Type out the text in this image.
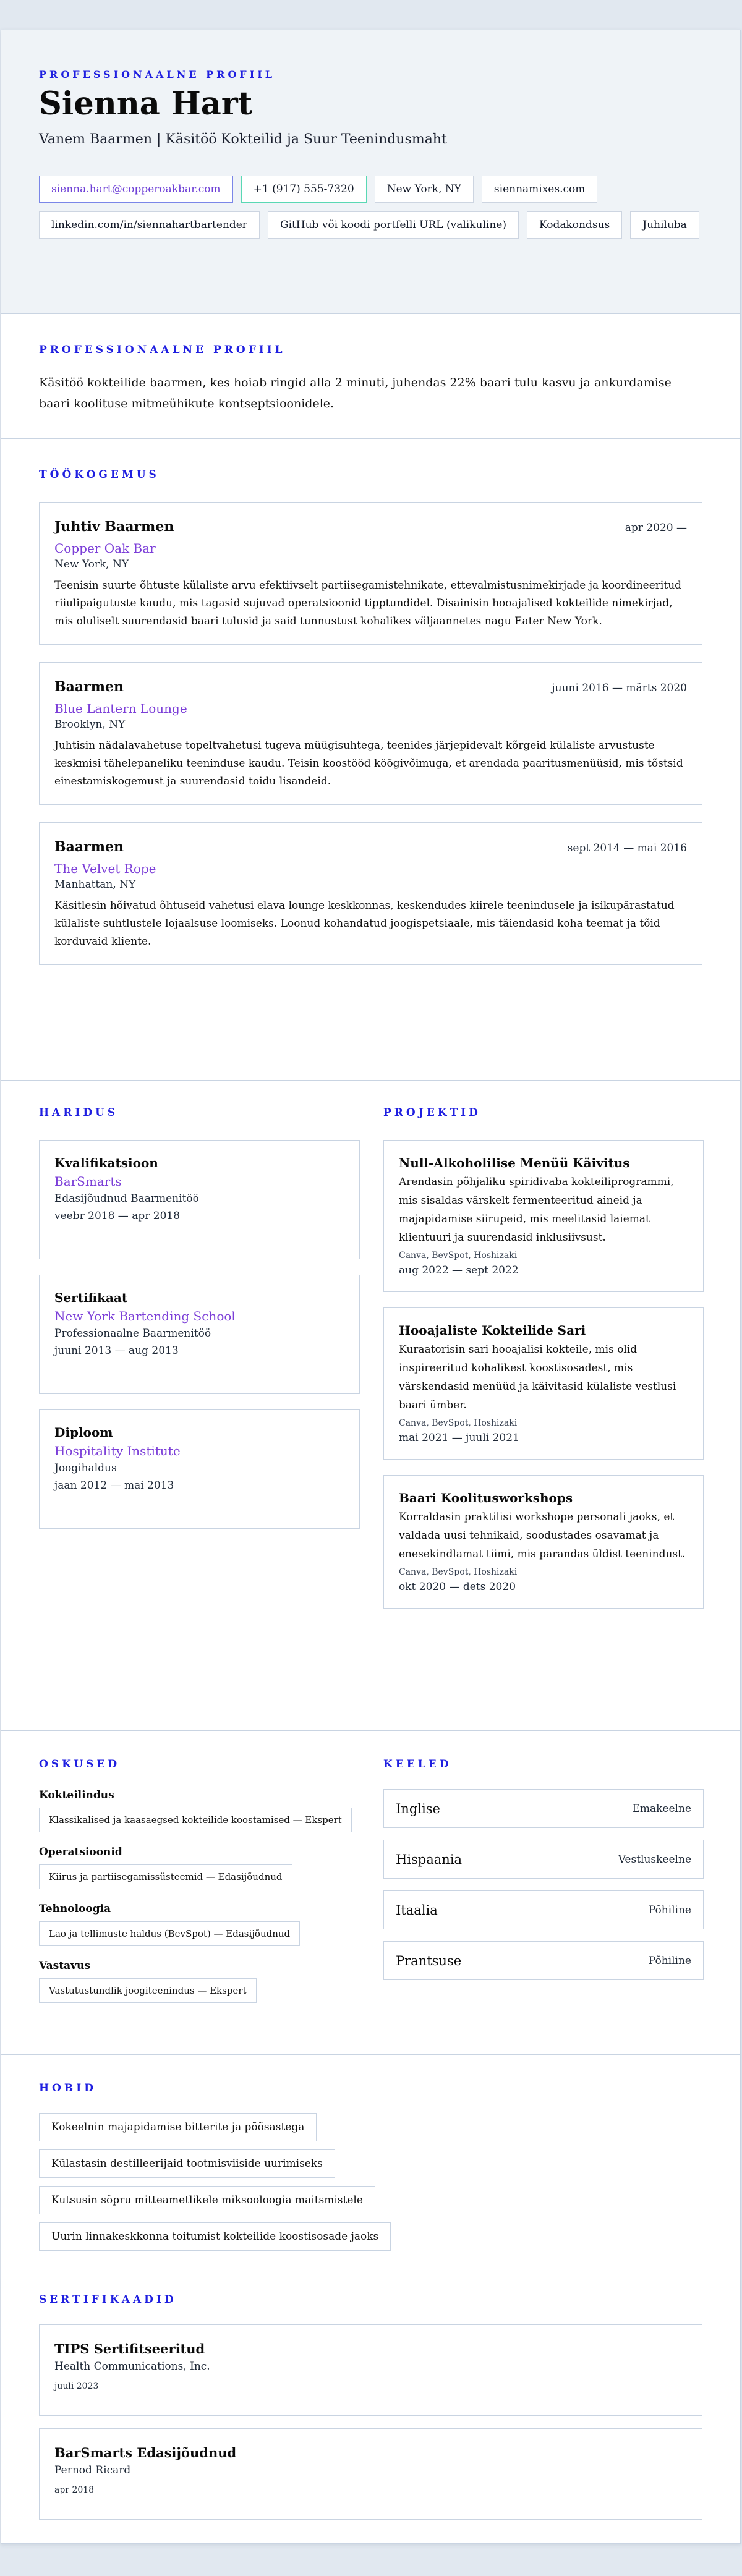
PROFESSIONAALNE PROFIIL
Sienna Hart
Vanem Baarmen | Käsitöö Kokteilid ja Suur Teenindusmaht
sienna.hart@copperoakbar.com	+1 (917) 555-7320	New York, NY	siennamixes.com
linkedin.com/in/siennahartbartender	GitHub või koodi portfelli URL (valikuline)	Kodakondsus	Juhiluba
PROFESSIONAALNE PROFIIL

Käsitöö kokteilide baarmen, kes hoiab ringid alla 2 minuti, juhendas 22% baari tulu kasvu ja ankurdamise baari koolituse mitmeühikute kontseptsioonidele.

TÖÖKOGEMUS
Juhtiv Baarmen	apr 2020 —
Copper Oak Bar
New York, NY

Teenisin suurte õhtuste külaliste arvu efektiivselt partiisegamistehnikate, ettevalmistusnimekirjade ja koordineeritud riiulipaigutuste kaudu, mis tagasid sujuvad operatsioonid tipptundidel. Disainisin hooajalised kokteilide nimekirjad, mis oluliselt suurendasid baari tulusid ja said tunnustust kohalikes väljaannetes nagu Eater New York.

Baarmen	juuni 2016 — märts 2020
Blue Lantern Lounge
Brooklyn, NY

Juhtisin nädalavahetuse topeltvahetusi tugeva müügisuhtega, teenides järjepidevalt kõrgeid külaliste arvustuste keskmisi tähelepaneliku teeninduse kaudu. Teisin koostööd köögivõimuga, et arendada paaritusmenüüsid, mis tõstsid einestamiskogemust ja suurendasid toidu lisandeid.

Baarmen	sept 2014 — mai 2016
The Velvet Rope
Manhattan, NY

Käsitlesin hõivatud õhtuseid vahetusi elava lounge keskkonnas, keskendudes kiirele teenindusele ja isikupärastatud külaliste suhtlustele lojaalsuse loomiseks. Loonud kohandatud joogispetsiaale, mis täiendasid koha teemat ja tõid korduvaid kliente.

HARIDUS
Kvalifikatsioon
BarSmarts
Edasijõudnud Baarmenitöö
veebr 2018 — apr 2018
Sertifikaat
New York Bartending School
Professionaalne Baarmenitöö
juuni 2013 — aug 2013
Diploom
Hospitality Institute
Joogihaldus
jaan 2012 — mai 2013
PROJEKTID
Null-Alkoholilise Menüü Käivitus

Arendasin põhjaliku spiridivaba kokteiliprogrammi, mis sisaldas värskelt fermenteeritud aineid ja majapidamise siirupeid, mis meelitasid laiemat klientuuri ja suurendasid inklusiivsust.

Canva, BevSpot, Hoshizaki
aug 2022 — sept 2022
Hooajaliste Kokteilide Sari

Kuraatorisin sari hooajalisi kokteile, mis olid inspireeritud kohalikest koostisosadest, mis värskendasid menüüd ja käivitasid külaliste vestlusi baari ümber.

Canva, BevSpot, Hoshizaki
mai 2021 — juuli 2021
Baari Koolitusworkshops

Korraldasin praktilisi workshope personali jaoks, et valdada uusi tehnikaid, soodustades osavamat ja enesekindlamat tiimi, mis parandas üldist teenindust.

Canva, BevSpot, Hoshizaki
okt 2020 — dets 2020
OSKUSED
Kokteilindus
Klassikalised ja kaasaegsed kokteilide koostamised — Ekspert
Operatsioonid
Kiirus ja partiisegamissüsteemid — Edasijõudnud
Tehnoloogia
Lao ja tellimuste haldus (BevSpot) — Edasijõudnud
Vastavus
Vastutustundlik joogiteenindus — Ekspert
KEELED
Inglise	Emakeelne
Hispaania	Vestluskeelne
Itaalia	Põhiline
Prantsuse	Põhiline
HOBID
Kokeelnin majapidamise bitterite ja põõsastega
Külastasin destilleerijaid tootmisviiside uurimiseks
Kutsusin sõpru mitteametlikele miksooloogia maitsmistele
Uurin linnakeskkonna toitumist kokteilide koostisosade jaoks
SERTIFIKAADID
TIPS Sertifitseeritud
Health Communications, Inc.
juuli 2023
BarSmarts Edasijõudnud
Pernod Ricard
apr 2018
